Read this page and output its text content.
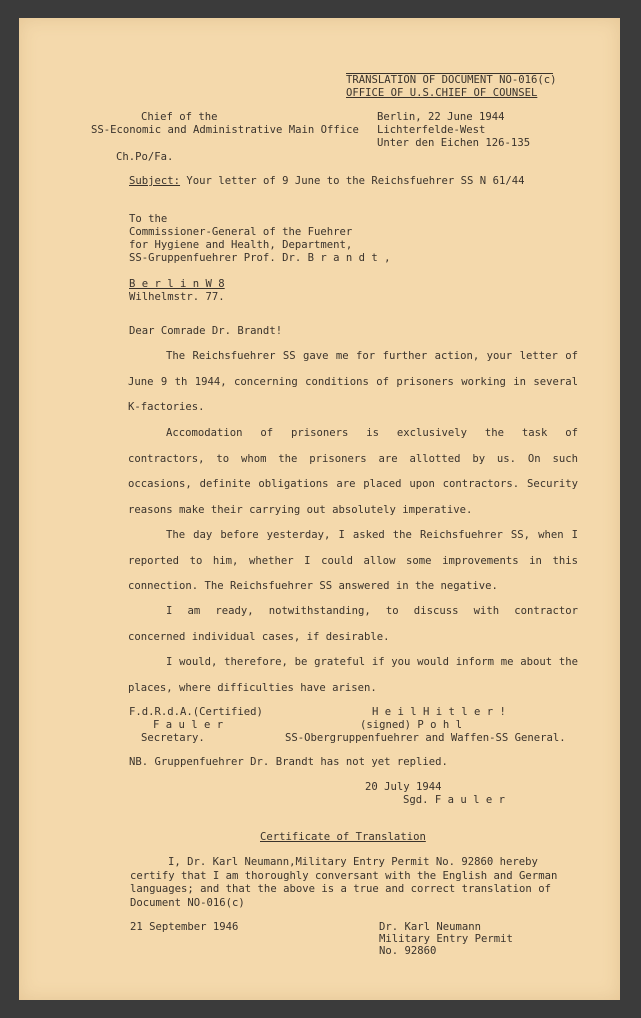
TRANSLATION OF DOCUMENT NO-016(c)
OFFICE OF U.S.CHIEF OF COUNSEL
Chief of the
SS-Economic and Administrative Main Office
Ch.Po/Fa.
Berlin, 22 June 1944
Lichterfelde-West
Unter den Eichen 126-135
Subject: Your letter of 9 June to the Reichsfuehrer SS N 61/44
To the
Commissioner-General of the Fuehrer
for Hygiene and Health, Department,
SS-Gruppenfuehrer Prof. Dr. B r a n d t ,
B e r l i n W 8
Wilhelmstr. 77.
Dear Comrade Dr. Brandt!
The Reichsfuehrer SS gave me for further action, your letter of June 9 th 1944, concerning conditions of prisoners working in several K-factories.
Accomodation of prisoners is exclusively the task of contractors, to whom the prisoners are allotted by us. On such occasions, definite obligations are placed upon contractors. Security reasons make their carrying out absolutely imperative.
The day before yesterday, I asked the Reichsfuehrer SS, when I reported to him, whether I could allow some improvements in this connection. The Reichsfuehrer SS answered in the negative.
I am ready, notwithstanding, to discuss with contractor concerned individual cases, if desirable.
I would, therefore, be grateful if you would inform me about the places, where difficulties have arisen.
F.d.R.d.A.(Certified)
F a u l e r
Secretary.
H e i l H i t l e r !
(signed) P o h l
SS-Obergruppenfuehrer and Waffen-SS General.
NB. Gruppenfuehrer Dr. Brandt has not yet replied.
20 July 1944
Sgd. F a u l e r
Certificate of Translation
I, Dr. Karl Neumann,Military Entry Permit No. 92860 hereby certify that I am thoroughly conversant with the English and German languages; and that the above is a true and correct translation of Document NO-016(c)
21 September 1946	Dr. Karl Neumann
Military Entry Permit
No. 92860
